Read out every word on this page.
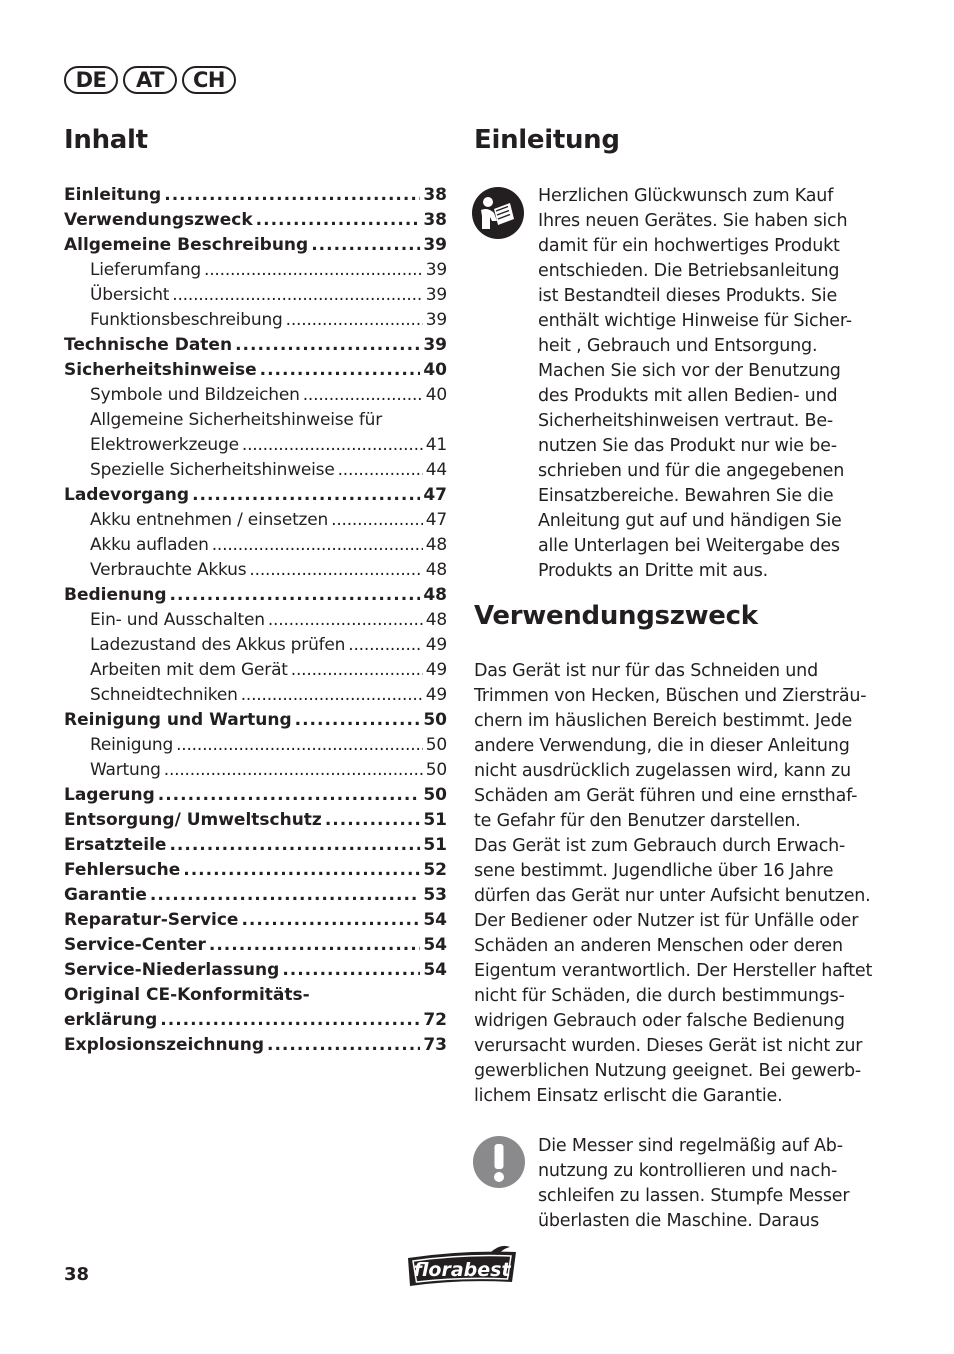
DE	AT	CH
Inhalt
Einleitung .....	38
Verwendungszweck .....	38
Allgemeine Beschreibung .....	39
Lieferumfang .....	39
Übersicht .....	39
Funktionsbeschreibung .....	39
Technische Daten .....	39
Sicherheitshinweise .....	40
Symbole und Bildzeichen .....	40
Allgemeine Sicherheitshinweise für
Elektrowerkzeuge .....	41
Spezielle Sicherheitshinweise .....	44
Ladevorgang .....	47
Akku entnehmen / einsetzen .....	47
Akku aufladen .....	48
Verbrauchte Akkus .....	48
Bedienung .....	48
Ein- und Ausschalten .....	48
Ladezustand des Akkus prüfen .....	49
Arbeiten mit dem Gerät .....	49
Schneidtechniken .....	49
Reinigung und Wartung .....	50
Reinigung .....	50
Wartung .....	50
Lagerung .....	50
Entsorgung/ Umweltschutz .....	51
Ersatzteile .....	51
Fehlersuche .....	52
Garantie .....	53
Reparatur-Service .....	54
Service-Center .....	54
Service-Niederlassung .....	54
Original CE-Konformitäts-
erklärung .....	72
Explosionszeichnung .....	73
Einleitung
Herzlichen Glückwunsch zum Kauf
Ihres neuen Gerätes. Sie haben sich
damit für ein hochwertiges Produkt
entschieden. Die Betriebsanleitung
ist Bestandteil dieses Produkts. Sie
enthält wichtige Hinweise für Sicher-
heit , Gebrauch und Entsorgung.
Machen Sie sich vor der Benutzung
des Produkts mit allen Bedien- und
Sicherheitshinweisen vertraut. Be-
nutzen Sie das Produkt nur wie be-
schrieben und für die angegebenen
Einsatzbereiche. Bewahren Sie die
Anleitung gut auf und händigen Sie
alle Unterlagen bei Weitergabe des
Produkts an Dritte mit aus.
Verwendungszweck
Das Gerät ist nur für das Schneiden und
Trimmen von Hecken, Büschen und Ziersträu-
chern im häuslichen Bereich bestimmt. Jede
andere Verwendung, die in dieser Anleitung
nicht ausdrücklich zugelassen wird, kann zu
Schäden am Gerät führen und eine ernsthaf-
te Gefahr für den Benutzer darstellen.
Das Gerät ist zum Gebrauch durch Erwach-
sene bestimmt. Jugendliche über 16 Jahre
dürfen das Gerät nur unter Aufsicht benutzen.
Der Bediener oder Nutzer ist für Unfälle oder
Schäden an anderen Menschen oder deren
Eigentum verantwortlich. Der Hersteller haftet
nicht für Schäden, die durch bestimmungs-
widrigen Gebrauch oder falsche Bedienung
verursacht wurden. Dieses Gerät ist nicht zur
gewerblichen Nutzung geeignet. Bei gewerb-
lichem Einsatz erlischt die Garantie.
Die Messer sind regelmäßig auf Ab-
nutzung zu kontrollieren und nach-
schleifen zu lassen. Stumpfe Messer
überlasten die Maschine. Daraus
38	florabest
